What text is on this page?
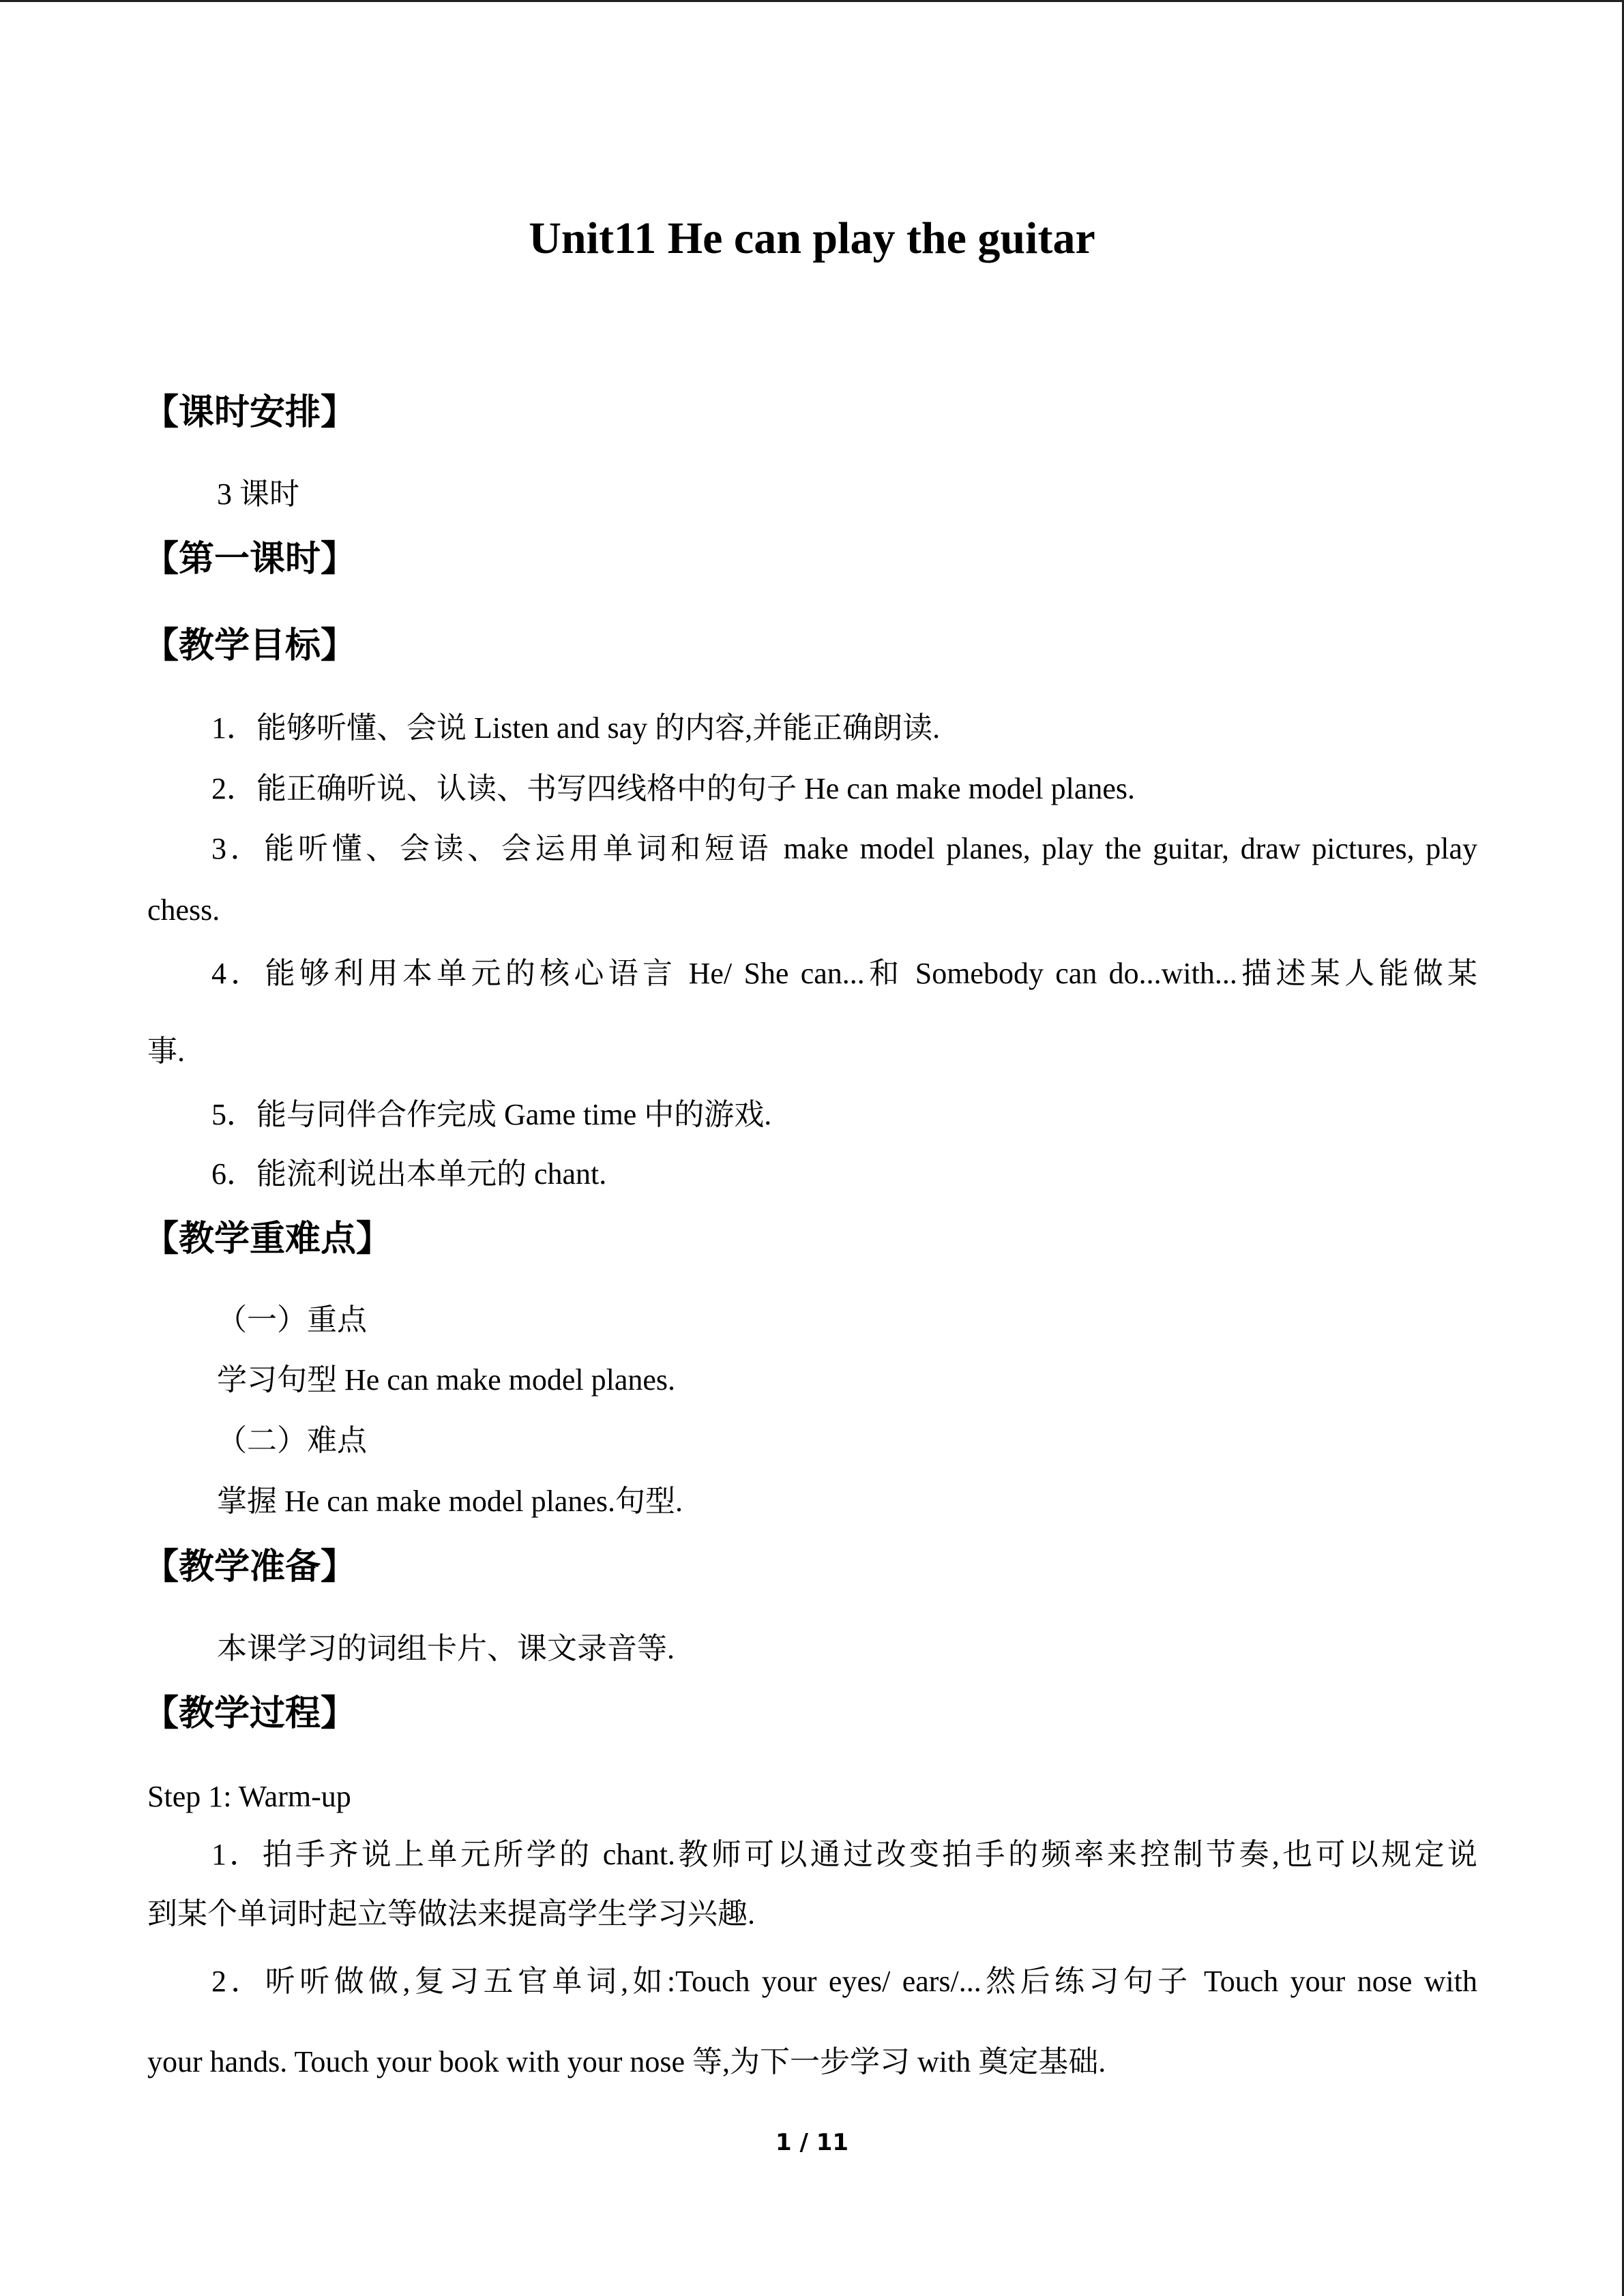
Unit11 He can play the guitar
【课时安排】
3 课时
【第一课时】
【教学目标】
1．能够听懂、会说 Listen and say 的内容,并能正确朗读.
2．能正确听说、认读、书写四线格中的句子 He can make model planes.
3．能听懂、会读、会运用单词和短语 make model planes, play the guitar, draw pictures, play
chess.
4．能够利用本单元的核心语言 He/ She can...和 Somebody can do...with...描述某人能做某
事.
5．能与同伴合作完成 Game time 中的游戏.
6．能流利说出本单元的 chant.
【教学重难点】
（一）重点
学习句型 He can make model planes.
（二）难点
掌握 He can make model planes.句型.
【教学准备】
本课学习的词组卡片、课文录音等.
【教学过程】
Step 1: Warm-up
1．拍手齐说上单元所学的 chant.教师可以通过改变拍手的频率来控制节奏,也可以规定说
到某个单词时起立等做法来提高学生学习兴趣.
2．听听做做,复习五官单词,如:Touch your eyes/ ears/...然后练习句子 Touch your nose with
your hands. Touch your book with your nose 等,为下一步学习 with 奠定基础.
1 / 11
